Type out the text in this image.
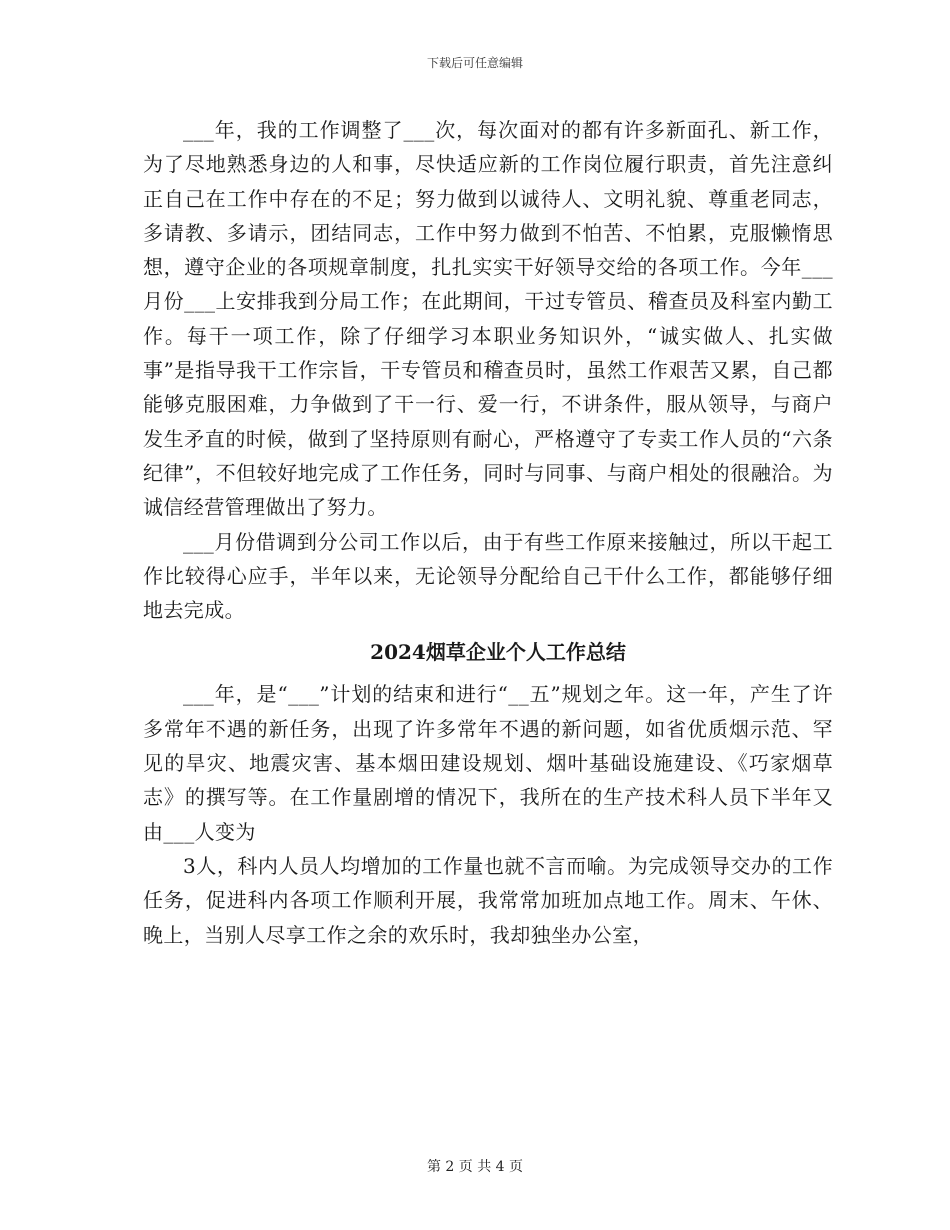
下载后可任意编辑

___年，我的工作调整了___次，每次面对的都有许多新面孔、新工作，为了尽地熟悉身边的人和事，尽快适应新的工作岗位履行职责，首先注意纠正自己在工作中存在的不足；努力做到以诚待人、文明礼貌、尊重老同志，多请教、多请示，团结同志，工作中努力做到不怕苦、不怕累，克服懒惰思想，遵守企业的各项规章制度，扎扎实实干好领导交给的各项工作。今年___月份___上安排我到分局工作；在此期间，干过专管员、稽查员及科室内勤工作。每干一项工作，除了仔细学习本职业务知识外，“诚实做人、扎实做事”是指导我干工作宗旨，干专管员和稽查员时，虽然工作艰苦又累，自己都能够克服困难，力争做到了干一行、爱一行，不讲条件，服从领导，与商户发生矛直的时候，做到了坚持原则有耐心，严格遵守了专卖工作人员的“六条纪律”，不但较好地完成了工作任务，同时与同事、与商户相处的很融洽。为诚信经营管理做出了努力。

___月份借调到分公司工作以后，由于有些工作原来接触过，所以干起工作比较得心应手，半年以来，无论领导分配给自己干什么工作，都能够仔细地去完成。

2024烟草企业个人工作总结

___年，是“___”计划的结束和进行“__五”规划之年。这一年，产生了许多常年不遇的新任务，出现了许多常年不遇的新问题，如省优质烟示范、罕见的旱灾、地震灾害、基本烟田建设规划、烟叶基础设施建设、《巧家烟草志》的撰写等。在工作量剧增的情况下，我所在的生产技术科人员下半年又由___人变为

3人，科内人员人均增加的工作量也就不言而喻。为完成领导交办的工作任务，促进科内各项工作顺利开展，我常常加班加点地工作。周末、午休、晚上，当别人尽享工作之余的欢乐时，我却独坐办公室，

第 2 页 共 4 页
